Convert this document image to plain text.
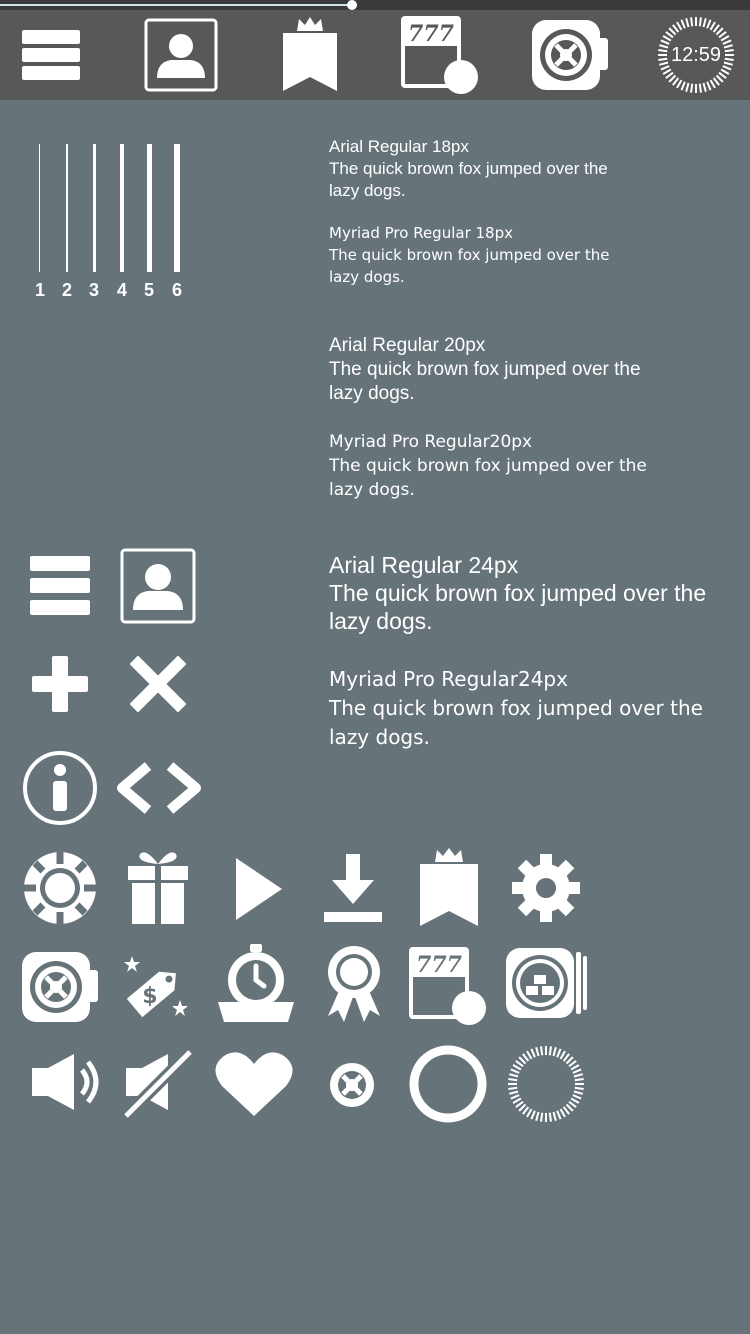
777
12:59
1 2 3 4 5 6
Arial Regular 18px
The quick brown fox jumped over the
lazy dogs.
Myriad Pro Regular 18px
The quick brown fox jumped over the
lazy dogs.
Arial Regular 20px
The quick brown fox jumped over the
lazy dogs.
Myriad Pro Regular20px
The quick brown fox jumped over the
lazy dogs.
Arial Regular 24px
The quick brown fox jumped over the
lazy dogs.
Myriad Pro Regular24px
The quick brown fox jumped over the
lazy dogs.
$
777
